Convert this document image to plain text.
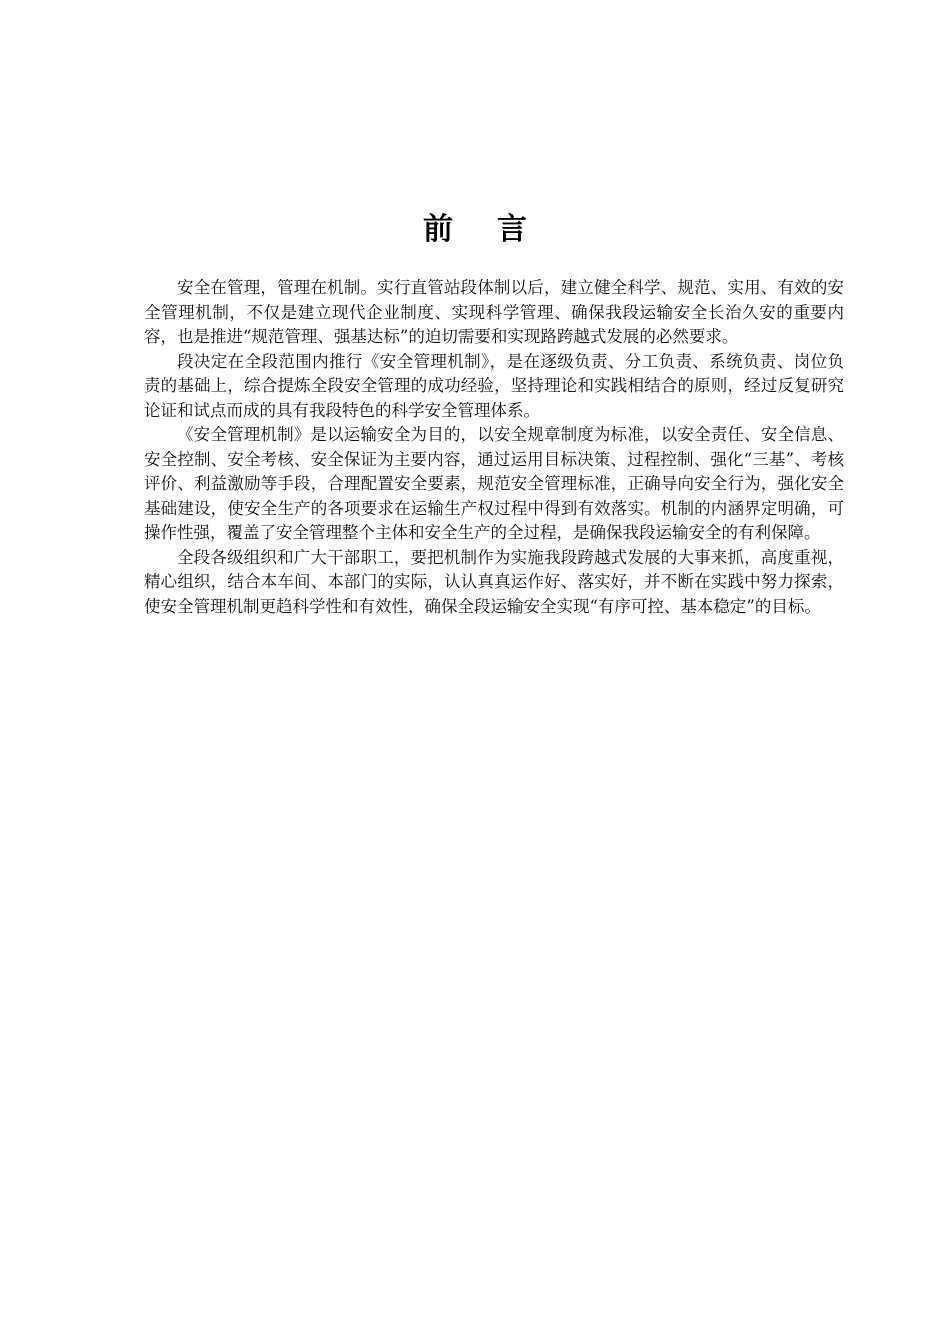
前言

安全在管理，管理在机制。实行直管站段体制以后，建立健全科学、规范、实用、有效的安全管理机制，不仅是建立现代企业制度、实现科学管理、确保我段运输安全长治久安的重要内容，也是推进“规范管理、强基达标”的迫切需要和实现路跨越式发展的必然要求。

段决定在全段范围内推行《安全管理机制》，是在逐级负责、分工负责、系统负责、岗位负责的基础上，综合提炼全段安全管理的成功经验，坚持理论和实践相结合的原则，经过反复研究论证和试点而成的具有我段特色的科学安全管理体系。

《安全管理机制》是以运输安全为目的，以安全规章制度为标准，以安全责任、安全信息、安全控制、安全考核、安全保证为主要内容，通过运用目标决策、过程控制、强化“三基”、考核评价、利益激励等手段，合理配置安全要素，规范安全管理标准，正确导向安全行为，强化安全基础建设，使安全生产的各项要求在运输生产权过程中得到有效落实。机制的内涵界定明确，可操作性强，覆盖了安全管理整个主体和安全生产的全过程，是确保我段运输安全的有利保障。

全段各级组织和广大干部职工，要把机制作为实施我段跨越式发展的大事来抓，高度重视，精心组织，结合本车间、本部门的实际，认认真真运作好、落实好，并不断在实践中努力探索，使安全管理机制更趋科学性和有效性，确保全段运输安全实现“有序可控、基本稳定”的目标。
